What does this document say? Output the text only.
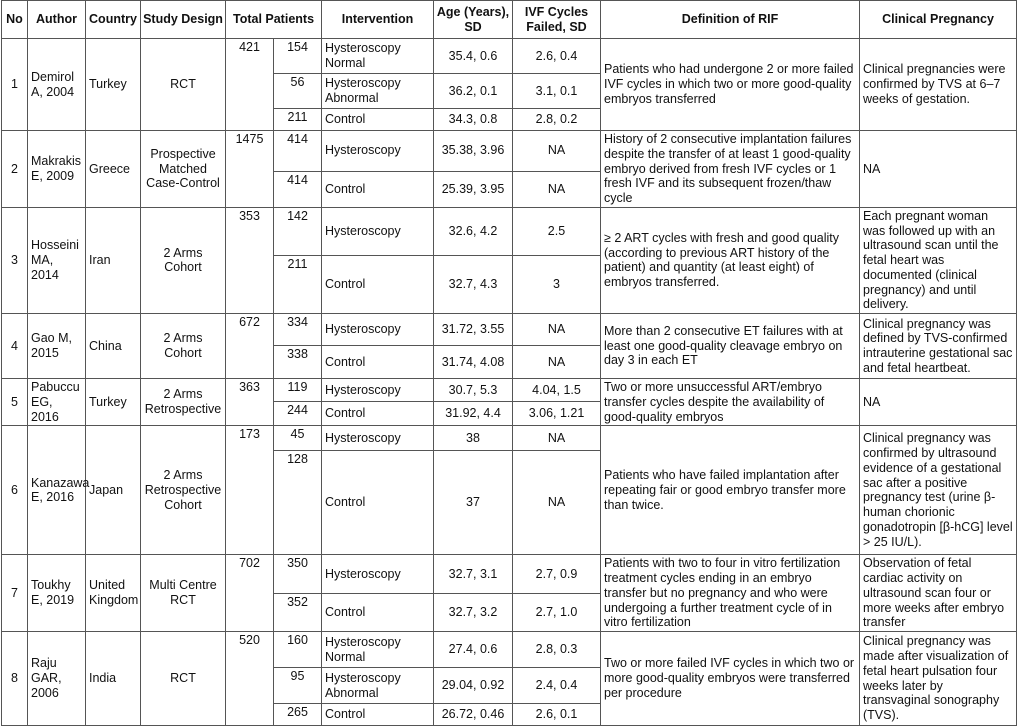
No	Author	Country	Study Design	Total Patients		Intervention	Age (Years), SD	IVF Cycles Failed, SD	Definition of RIF	Clinical Pregnancy
1	Demirol A, 2004	Turkey	RCT	421	154	Hysteroscopy Normal	35.4, 0.6	2.6, 0.4	Patients who had undergone 2 or more failed IVF cycles in which two or more good-quality embryos transferred	Clinical pregnancies were confirmed by TVS at 6–7 weeks of gestation.
					56	Hysteroscopy Abnormal	36.2, 0.1	3.1, 0.1		
					211	Control	34.3, 0.8	2.8, 0.2		
2	Makrakis E, 2009	Greece	Prospective Matched Case-Control	1475	414	Hysteroscopy	35.38, 3.96	NA	History of 2 consecutive implantation failures despite the transfer of at least 1 good-quality embryo derived from fresh IVF cycles or 1 fresh IVF and its subsequent frozen/thaw cycle	NA
					414	Control	25.39, 3.95	NA		
3	Hosseini MA, 2014	Iran	2 Arms Cohort	353	142	Hysteroscopy	32.6, 4.2	2.5	≥ 2 ART cycles with fresh and good quality (according to previous ART history of the patient) and quantity (at least eight) of embryos transferred.	Each pregnant woman was followed up with an ultrasound scan until the fetal heart was documented (clinical pregnancy) and until delivery.
					211	Control	32.7, 4.3	3		
4	Gao M, 2015	China	2 Arms Cohort	672	334	Hysteroscopy	31.72, 3.55	NA	More than 2 consecutive ET failures with at least one good-quality cleavage embryo on day 3 in each ET	Clinical pregnancy was defined by TVS-confirmed intrauterine gestational sac and fetal heartbeat.
					338	Control	31.74, 4.08	NA		
5	Pabuccu EG, 2016	Turkey	2 Arms Retrospective	363	119	Hysteroscopy	30.7, 5.3	4.04, 1.5	Two or more unsuccessful ART/embryo transfer cycles despite the availability of good-quality embryos	NA
					244	Control	31.92, 4.4	3.06, 1.21		
6	Kanazawa E, 2016	Japan	2 Arms Retrospective Cohort	173	45	Hysteroscopy	38	NA	Patients who have failed implantation after repeating fair or good embryo transfer more than twice.	Clinical pregnancy was confirmed by ultrasound evidence of a gestational sac after a positive pregnancy test (urine β-human chorionic gonadotropin [β-hCG] level > 25 IU/L).
					128	Control	37	NA		
7	Toukhy E, 2019	United Kingdom	Multi Centre RCT	702	350	Hysteroscopy	32.7, 3.1	2.7, 0.9	Patients with two to four in vitro fertilization treatment cycles ending in an embryo transfer but no pregnancy and who were undergoing a further treatment cycle of in vitro fertilization	Observation of fetal cardiac activity on ultrasound scan four or more weeks after embryo transfer
					352	Control	32.7, 3.2	2.7, 1.0		
8	Raju GAR, 2006	India	RCT	520	160	Hysteroscopy Normal	27.4, 0.6	2.8, 0.3	Two or more failed IVF cycles in which two or more good-quality embryos were transferred per procedure	Clinical pregnancy was made after visualization of fetal heart pulsation four weeks later by transvaginal sonography (TVS).
					95	Hysteroscopy Abnormal	29.04, 0.92	2.4, 0.4		
					265	Control	26.72, 0.46	2.6, 0.1		
